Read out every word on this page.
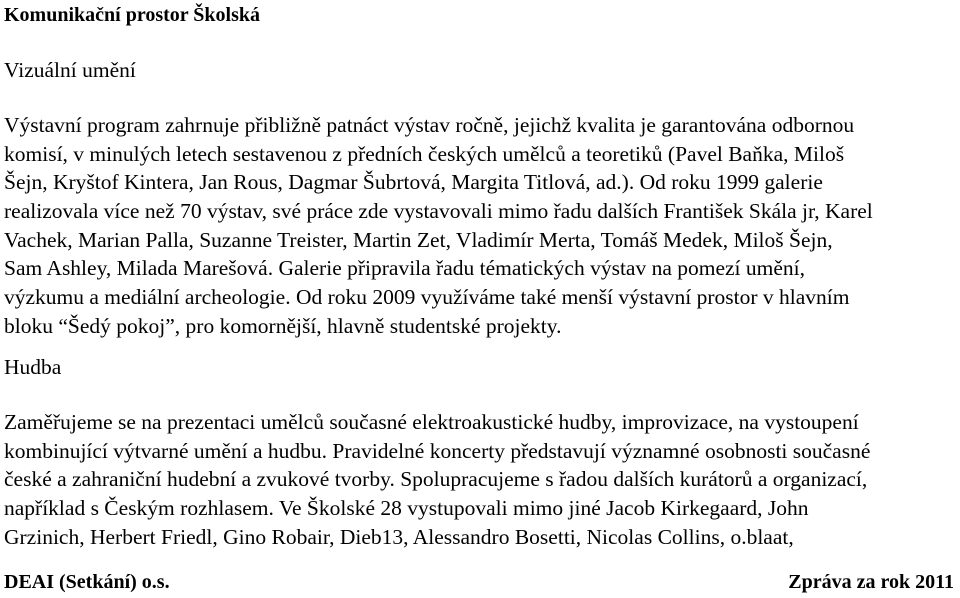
Komunikační prostor Školská
Vizuální umění
Výstavní program zahrnuje přibližně patnáct výstav ročně, jejichž kvalita je garantována odbornou
komisí, v minulých letech sestavenou z předních českých umělců a teoretiků (Pavel Baňka, Miloš
Šejn, Kryštof Kintera, Jan Rous, Dagmar Šubrtová, Margita Titlová, ad.). Od roku 1999 galerie
realizovala více než 70 výstav, své práce zde vystavovali mimo řadu dalších František Skála jr, Karel
Vachek, Marian Palla, Suzanne Treister, Martin Zet, Vladimír Merta, Tomáš Medek, Miloš Šejn,
Sam Ashley, Milada Marešová. Galerie připravila řadu tématických výstav na pomezí umění,
výzkumu a mediální archeologie. Od roku 2009 využíváme také menší výstavní prostor v hlavním
bloku “Šedý pokoj”, pro komornější, hlavně studentské projekty.
Hudba
Zaměřujeme se na prezentaci umělců současné elektroakustické hudby, improvizace, na vystoupení
kombinující výtvarné umění a hudbu. Pravidelné koncerty představují významné osobnosti současné
české a zahraniční hudební a zvukové tvorby. Spolupracujeme s řadou dalších kurátorů a organizací,
například s Českým rozhlasem. Ve Školské 28 vystupovali mimo jiné Jacob Kirkegaard, John
Grzinich, Herbert Friedl, Gino Robair, Dieb13, Alessandro Bosetti, Nicolas Collins, o.blaat,
DEAI (Setkání) o.s.	Zpráva za rok 2011
